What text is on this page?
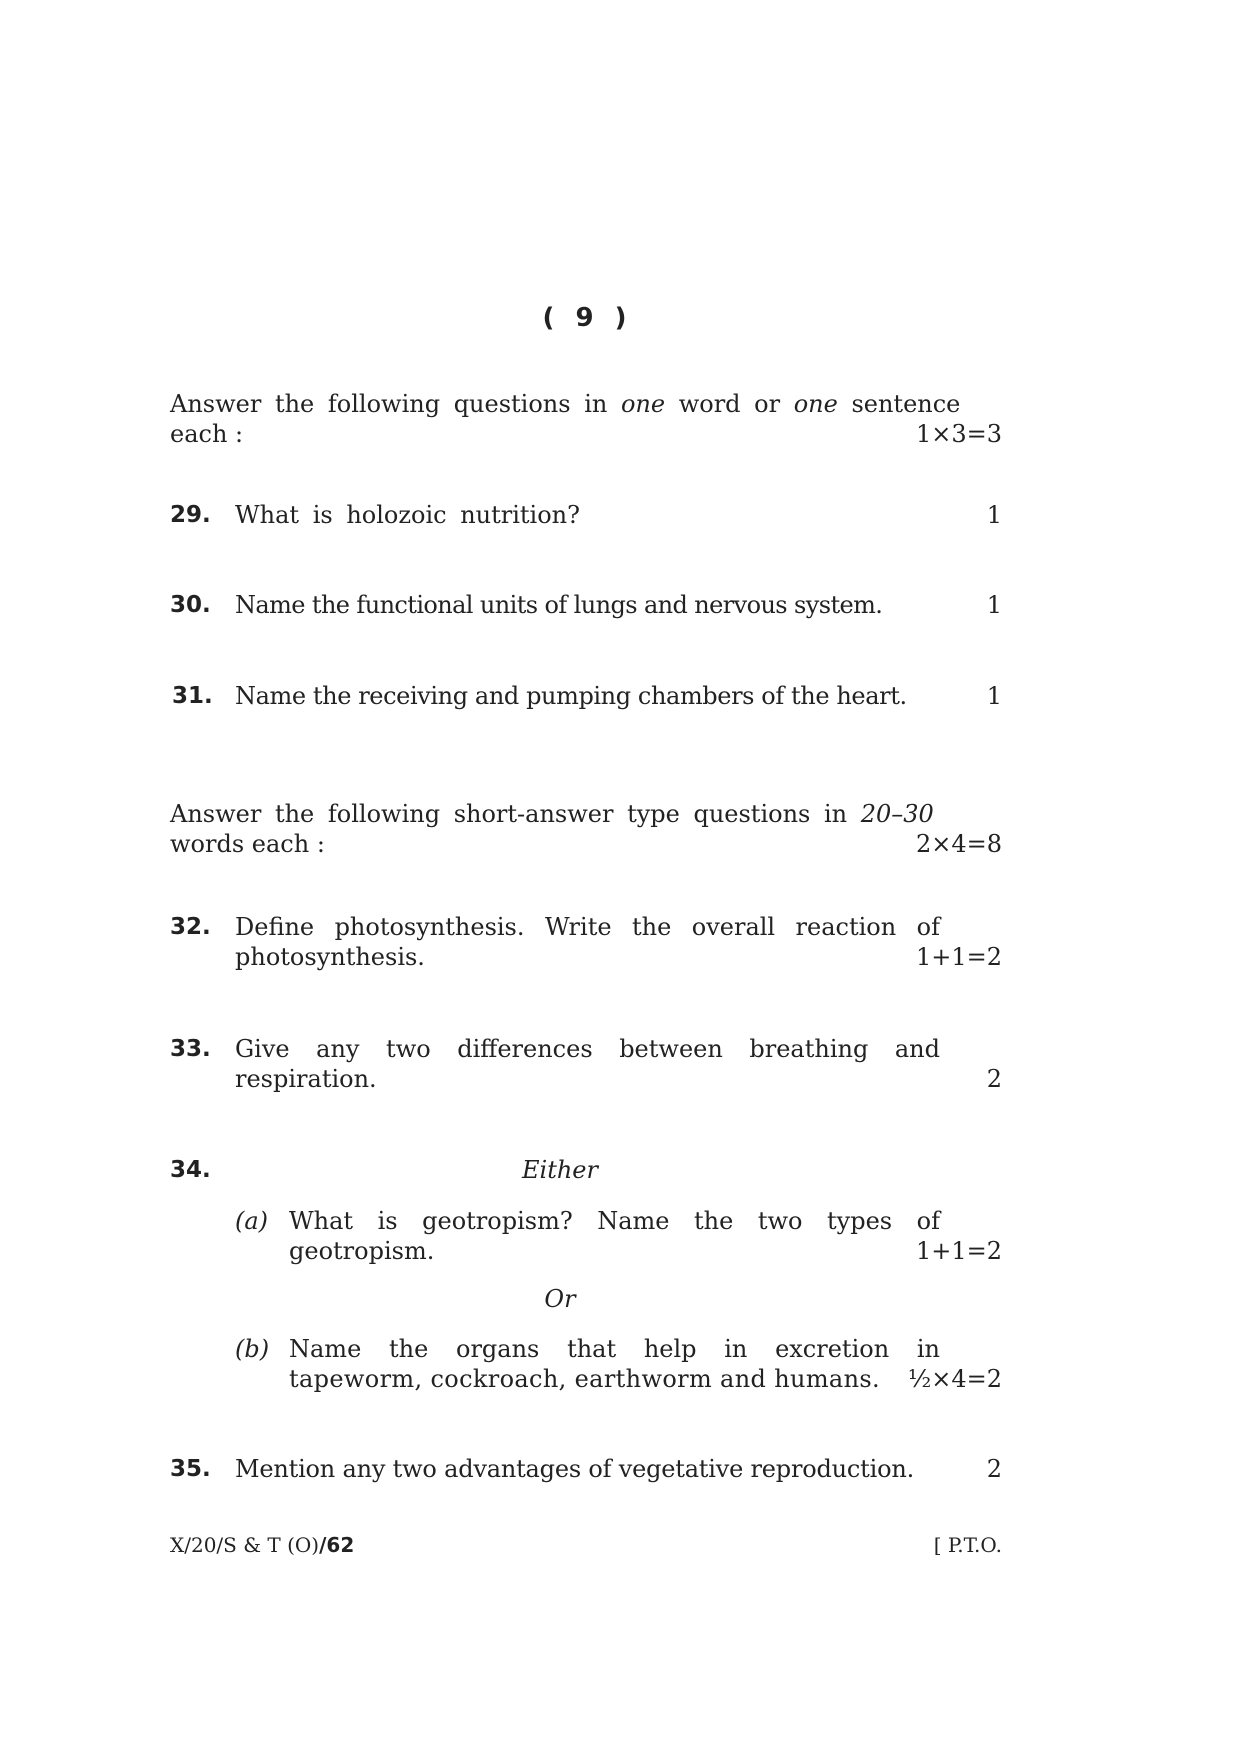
( 9 )
Answer the following questions in one word or one sentence
each :	1×3=3
29. What is holozoic nutrition?	1
30. Name the functional units of lungs and nervous system.	1
31. Name the receiving and pumping chambers of the heart.	1
Answer the following short-answer type questions in 20–30
words each :	2×4=8
32. Define photosynthesis. Write the overall reaction of
photosynthesis.	1+1=2
33. Give any two differences between breathing and
respiration.	2
34.	Either
(a) What is geotropism? Name the two types of
geotropism.	1+1=2
Or
(b) Name the organs that help in excretion in
tapeworm, cockroach, earthworm and humans.	½×4=2
35. Mention any two advantages of vegetative reproduction.	2
X/20/S & T (O)/62	[ P.T.O.
